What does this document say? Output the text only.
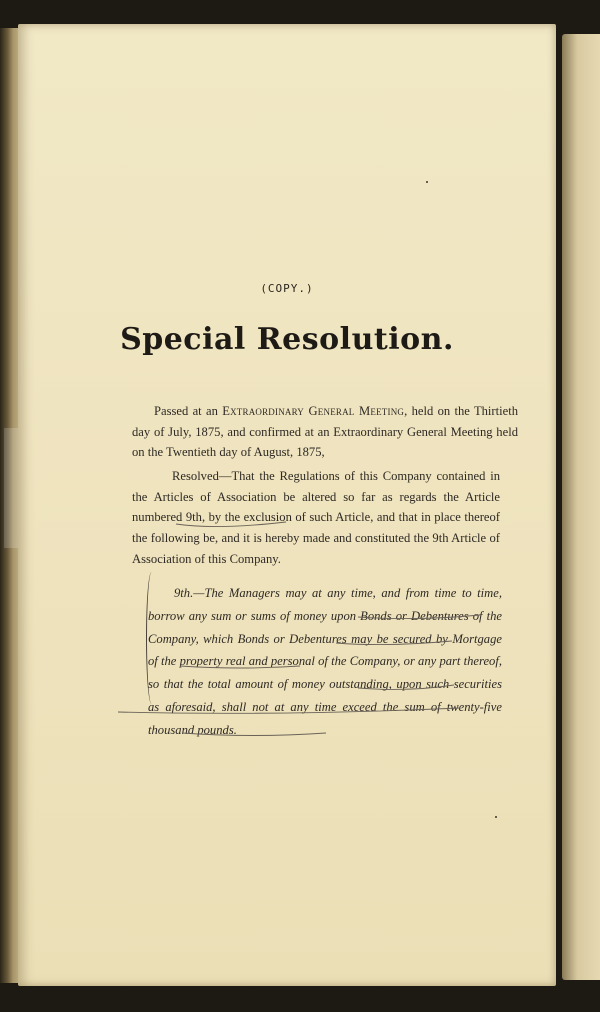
(COPY.)
Special Resolution.
Passed at an Extraordinary General Meeting, held on the Thirtieth day of July, 1875, and confirmed at an Extraordinary General Meeting held on the Twentieth day of August, 1875,
Resolved—That the Regulations of this Company contained in the Articles of Association be altered so far as regards the Article numbered 9th, by the exclusion of such Article, and that in place thereof the following be, and it is hereby made and constituted the 9th Article of Association of this Company.
9th.—The Managers may at any time, and from time to time, borrow any sum or sums of money upon Bonds or Debentures of the Company, which Bonds or Debentures may be secured by Mortgage of the property real and personal of the Company, or any part thereof, so that the total amount of money outstanding, upon such securities as aforesaid, shall not at any time exceed the sum of twenty-five thousand pounds.
